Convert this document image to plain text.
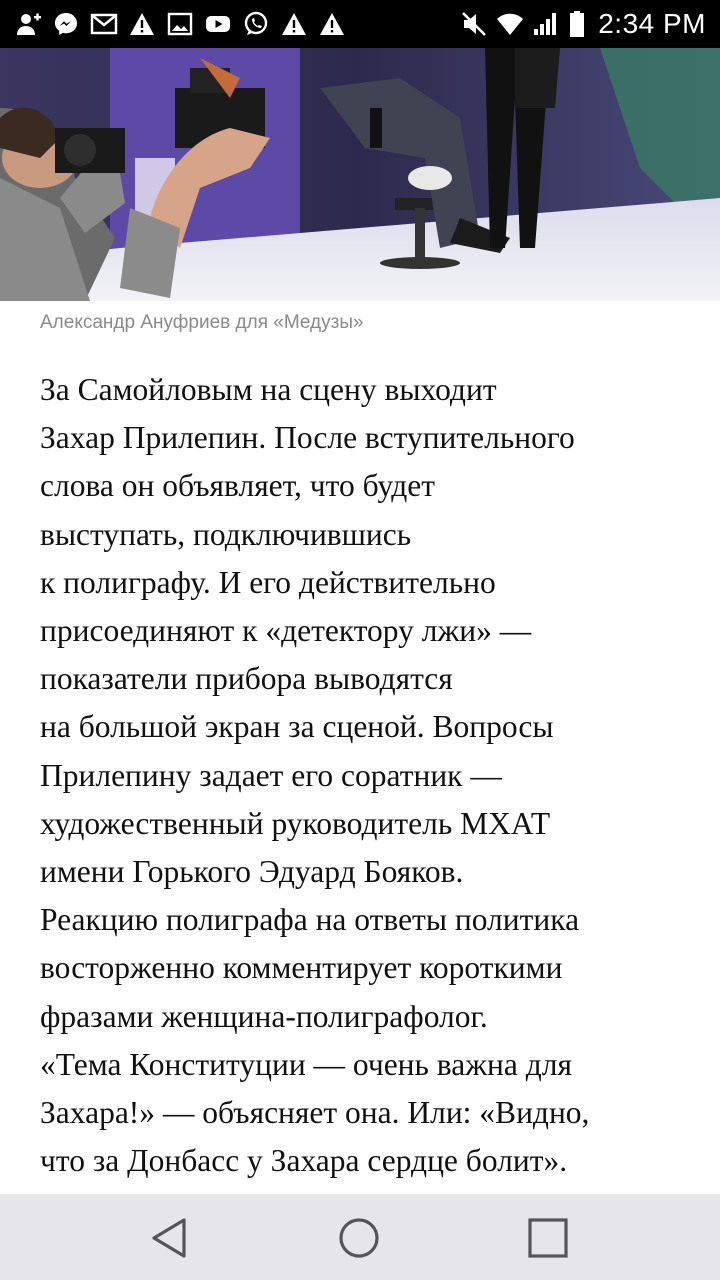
2:34 PM
Александр Ануфриев для «Медузы»
За Самойловым на сцену выходит
Захар Прилепин. После вступительного
слова он объявляет, что будет
выступать, подключившись
к полиграфу. И его действительно
присоединяют к «детектору лжи» —
показатели прибора выводятся
на большой экран за сценой. Вопросы
Прилепину задает его соратник —
художественный руководитель МХАТ
имени Горького Эдуард Бояков.
Реакцию полиграфа на ответы политика
восторженно комментирует короткими
фразами женщина-полиграфолог.
«Тема Конституции — очень важна для
Захара!» — объясняет она. Или: «Видно,
что за Донбасс у Захара сердце болит».
